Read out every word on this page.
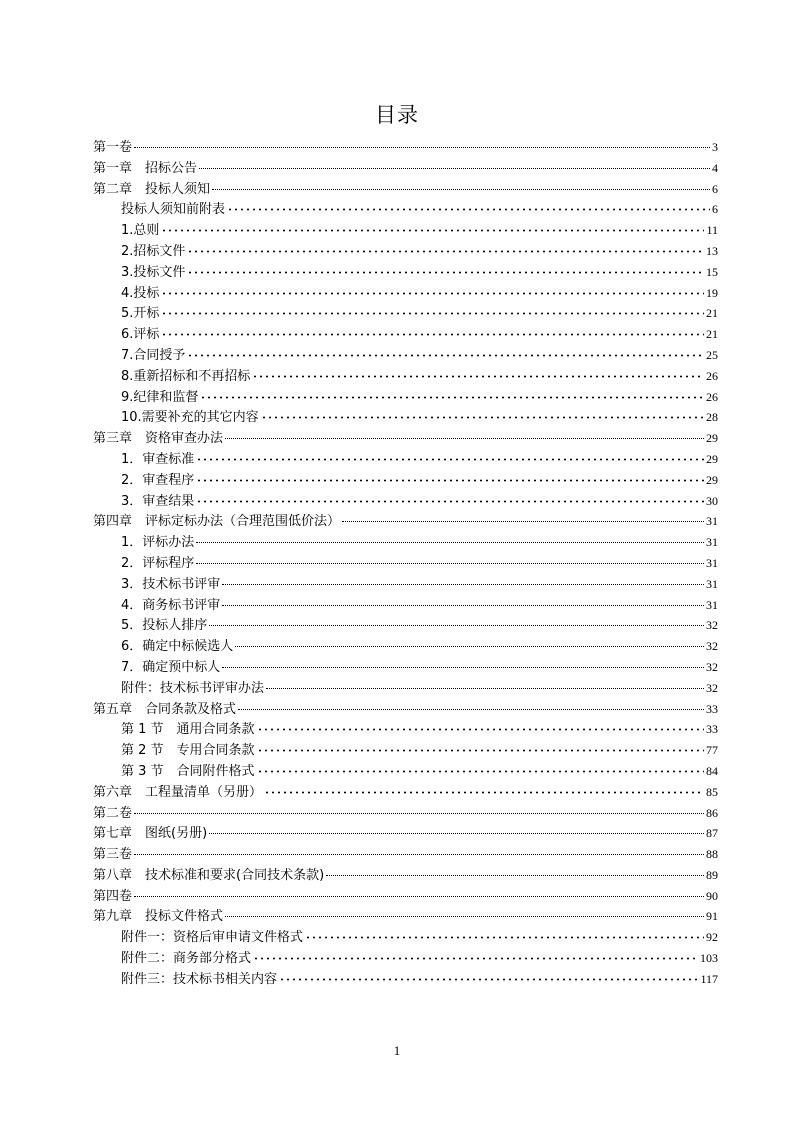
目录
第一卷	3
第一章　招标公告	4
第二章　投标人须知	6
投标人须知前附表	6
1.总则	11
2.招标文件	13
3.投标文件	15
4.投标	19
5.开标	21
6.评标	21
7.合同授予	25
8.重新招标和不再招标	26
9.纪律和监督	26
10.需要补充的其它内容	28
第三章　资格审查办法	29
1．审查标准	29
2．审查程序	29
3．审查结果	30
第四章　评标定标办法（合理范围低价法）	31
1．评标办法	31
2．评标程序	31
3．技术标书评审	31
4．商务标书评审	31
5．投标人排序	32
6．确定中标候选人	32
7．确定预中标人	32
附件：技术标书评审办法	32
第五章　合同条款及格式	33
第 1 节　通用合同条款	33
第 2 节　专用合同条款	77
第 3 节　合同附件格式	84
第六章　工程量清单（另册）	85
第二卷	86
第七章　图纸(另册)	87
第三卷	88
第八章　技术标准和要求(合同技术条款)	89
第四卷	90
第九章　投标文件格式	91
附件一：资格后审申请文件格式	92
附件二：商务部分格式	103
附件三：技术标书相关内容	117
1
